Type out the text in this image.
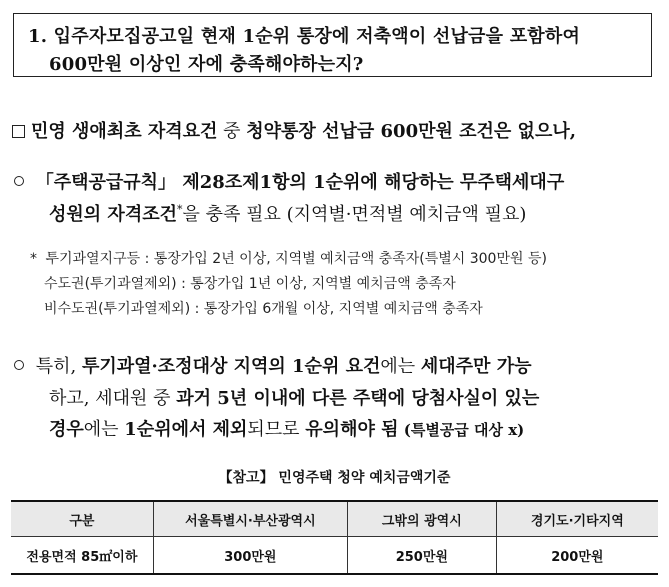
1. 입주자모집공고일 현재 1순위 통장에 저축액이 선납금을 포함하여
600만원 이상인 자에 충족해야하는지?
민영 생애최초 자격요건 중 청약통장 선납금 600만원 조건은 없으나,
「주택공급규칙」 제28조제1항의 1순위에 해당하는 무주택세대구
성원의 자격조건*을 충족 필요 (지역별·면적별 예치금액 필요)
* 투기과열지구등 : 통장가입 2년 이상, 지역별 예치금액 충족자(특별시 300만원 등)
수도권(투기과열제외) : 통장가입 1년 이상, 지역별 예치금액 충족자
비수도권(투기과열제외) : 통장가입 6개월 이상, 지역별 예치금액 충족자
특히, 투기과열·조정대상 지역의 1순위 요건에는 세대주만 가능
하고, 세대원 중 과거 5년 이내에 다른 주택에 당첨사실이 있는
경우에는 1순위에서 제외되므로 유의해야 됨 (특별공급 대상 x)
【참고】 민영주택 청약 예치금액기준
구분	서울특별시·부산광역시	그밖의 광역시	경기도·기타지역
전용면적 85㎡이하	300만원	250만원	200만원
